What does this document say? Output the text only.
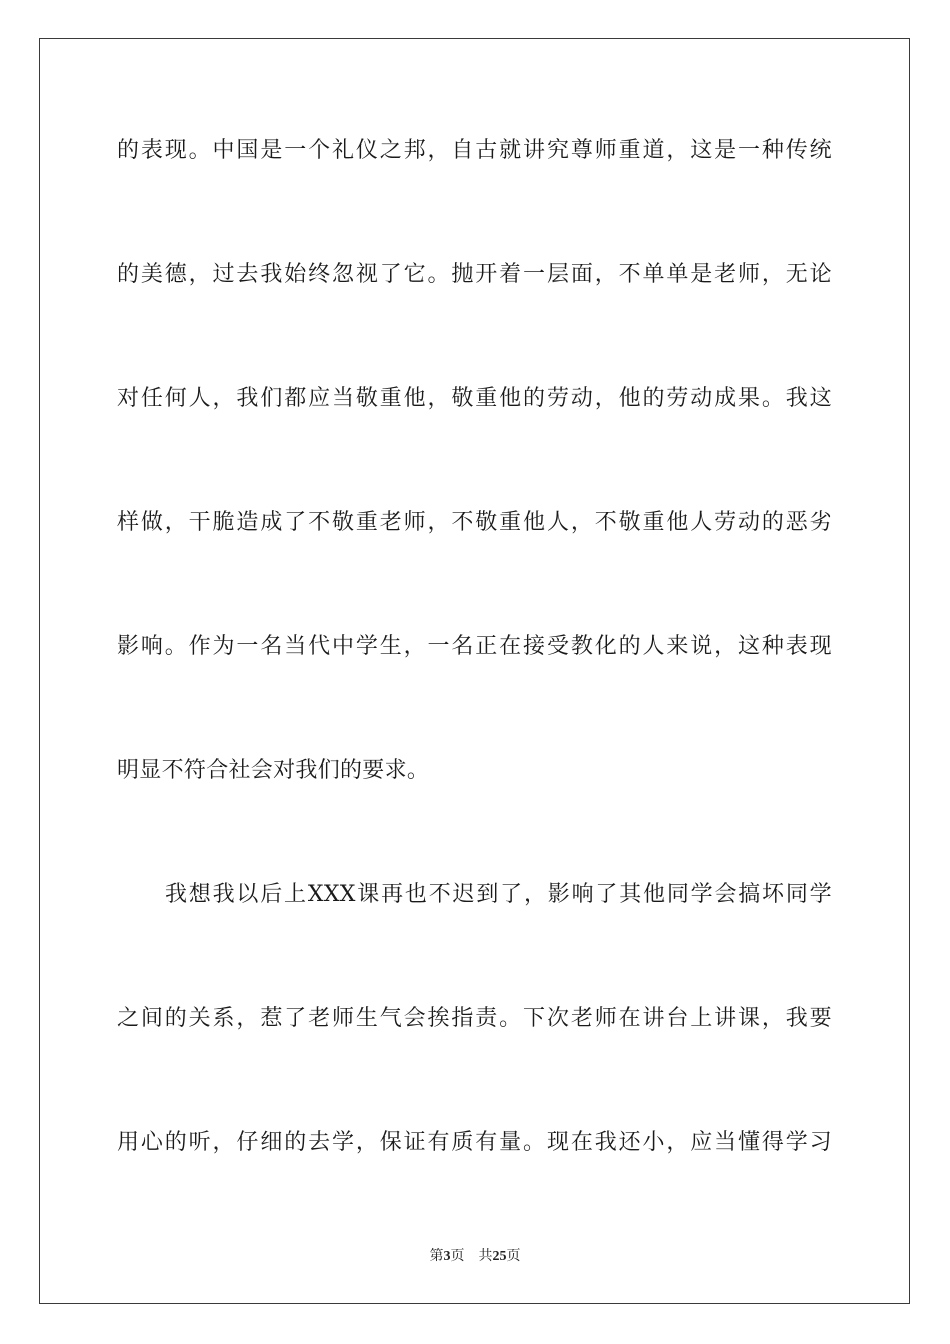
的表现。中国是一个礼仪之邦，自古就讲究尊师重道，这是一种传统
的美德，过去我始终忽视了它。抛开着一层面，不单单是老师，无论
对任何人，我们都应当敬重他，敬重他的劳动，他的劳动成果。我这
样做，干脆造成了不敬重老师，不敬重他人，不敬重他人劳动的恶劣
影响。作为一名当代中学生，一名正在接受教化的人来说，这种表现
明显不符合社会对我们的要求。
我想我以后上XXX课再也不迟到了，影响了其他同学会搞坏同学
之间的关系，惹了老师生气会挨指责。下次老师在讲台上讲课，我要
用心的听，仔细的去学，保证有质有量。现在我还小，应当懂得学习
第3页 共25页
